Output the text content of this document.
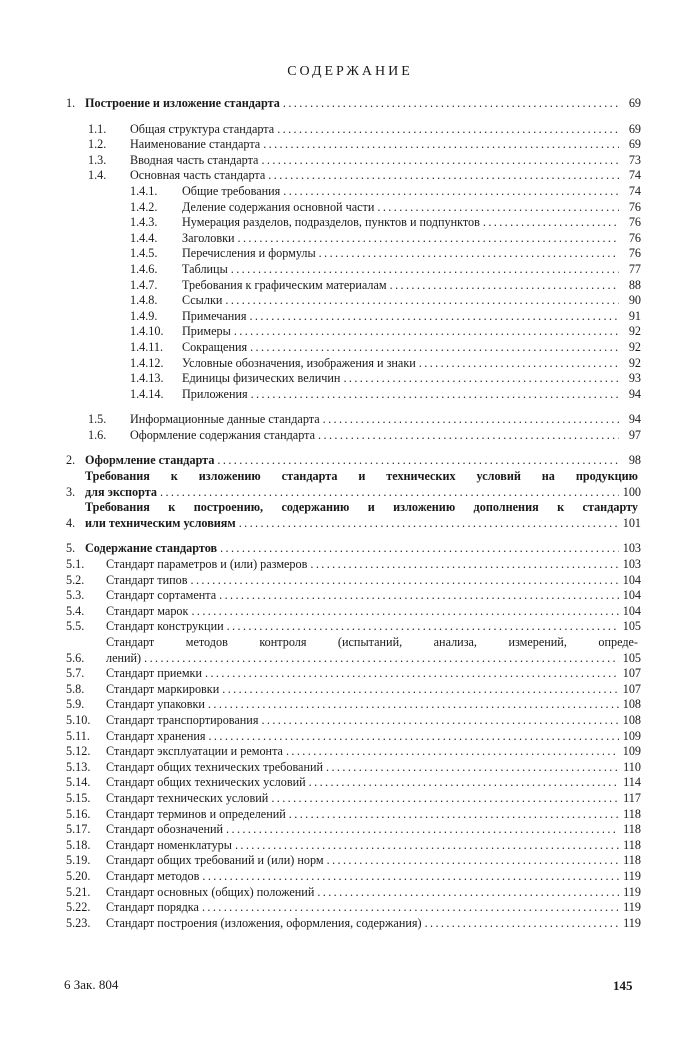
СОДЕРЖАНИЕ
1. Построение и изложение стандарта .....	69
1.1.	Общая структура стандарта .....	69
1.2.	Наименование стандарта .....	69
1.3.	Вводная часть стандарта .....	73
1.4.	Основная часть стандарта .....	74
1.4.1.	Общие требования .....	74
1.4.2.	Деление содержания основной части .....	76
1.4.3.	Нумерация разделов, подразделов, пунктов и подпунктов .....	76
1.4.4.	Заголовки .....	76
1.4.5.	Перечисления и формулы .....	76
1.4.6.	Таблицы .....	77
1.4.7.	Требования к графическим материалам .....	88
1.4.8.	Ссылки .....	90
1.4.9.	Примечания .....	91
1.4.10.	Примеры .....	92
1.4.11.	Сокращения .....	92
1.4.12.	Условные обозначения, изображения и знаки .....	92
1.4.13.	Единицы физических величин .....	93
1.4.14.	Приложения .....	94
1.5.	Информационные данные стандарта .....	94
1.6.	Оформление содержания стандарта .....	97
2. Оформление стандарта .....	98
3.
Требования к изложению стандарта и технических условий на продукцию
для экспорта .....	100
4.
Требования к построению, содержанию и изложению дополнения к стандарту
или техническим условиям .....	101
5. Содержание стандартов .....	103
5.1.	Стандарт параметров и (или) размеров .....	103
5.2.	Стандарт типов .....	104
5.3.	Стандарт сортамента .....	104
5.4.	Стандарт марок .....	104
5.5.	Стандарт конструкции .....	105
5.6.
Стандарт методов контроля (испытаний, анализа, измерений, опреде-
лений) .....	105
5.7.	Стандарт приемки .....	107
5.8.	Стандарт маркировки .....	107
5.9.	Стандарт упаковки .....	108
5.10.	Стандарт транспортирования .....	108
5.11.	Стандарт хранения .....	109
5.12.	Стандарт эксплуатации и ремонта .....	109
5.13.	Стандарт общих технических требований .....	110
5.14.	Стандарт общих технических условий .....	114
5.15.	Стандарт технических условий .....	117
5.16.	Стандарт терминов и определений .....	118
5.17.	Стандарт обозначений .....	118
5.18.	Стандарт номенклатуры .....	118
5.19.	Стандарт общих требований и (или) норм .....	118
5.20.	Стандарт методов .....	119
5.21.	Стандарт основных (общих) положений .....	119
5.22.	Стандарт порядка .....	119
5.23.	Стандарт построения (изложения, оформления, содержания) .....	119
6 Зак. 804	145
